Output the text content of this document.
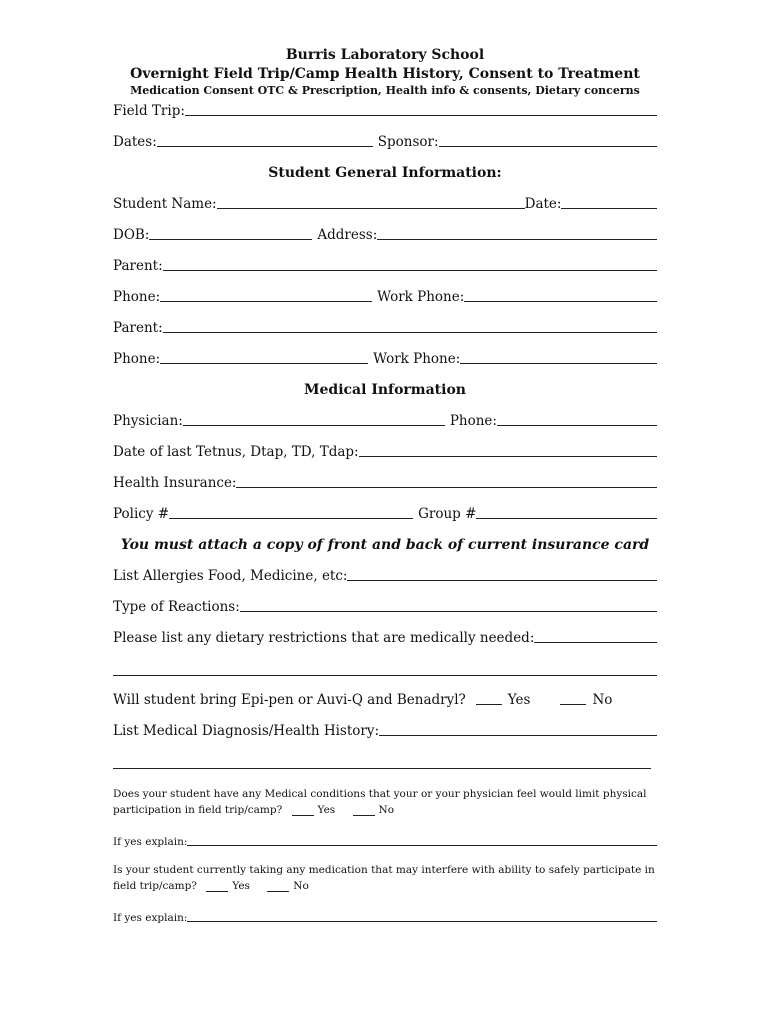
Burris Laboratory School
Overnight Field Trip/Camp Health History, Consent to Treatment
Medication Consent OTC & Prescription, Health info & consents, Dietary concerns
Field Trip:
Dates:	Sponsor:
Student General Information:
Student Name:	Date:
DOB:	Address:
Parent:
Phone:	Work Phone:
Parent:
Phone:	Work Phone:
Medical Information
Physician:	Phone:
Date of last Tetnus, Dtap, TD, Tdap:
Health Insurance:
Policy #	Group #
You must attach a copy of front and back of current insurance card
List Allergies Food, Medicine, etc:
Type of Reactions:
Please list any dietary restrictions that are medically needed:
Will student bring Epi-pen or Auvi-Q and Benadryl?	Yes	No
List Medical Diagnosis/Health History:
Does your student have any Medical conditions that your or your physician feel would limit physical participation in field trip/camp?	Yes	No
If yes explain:
Is your student currently taking any medication that may interfere with ability to safely participate in field trip/camp?	Yes	No
If yes explain:
